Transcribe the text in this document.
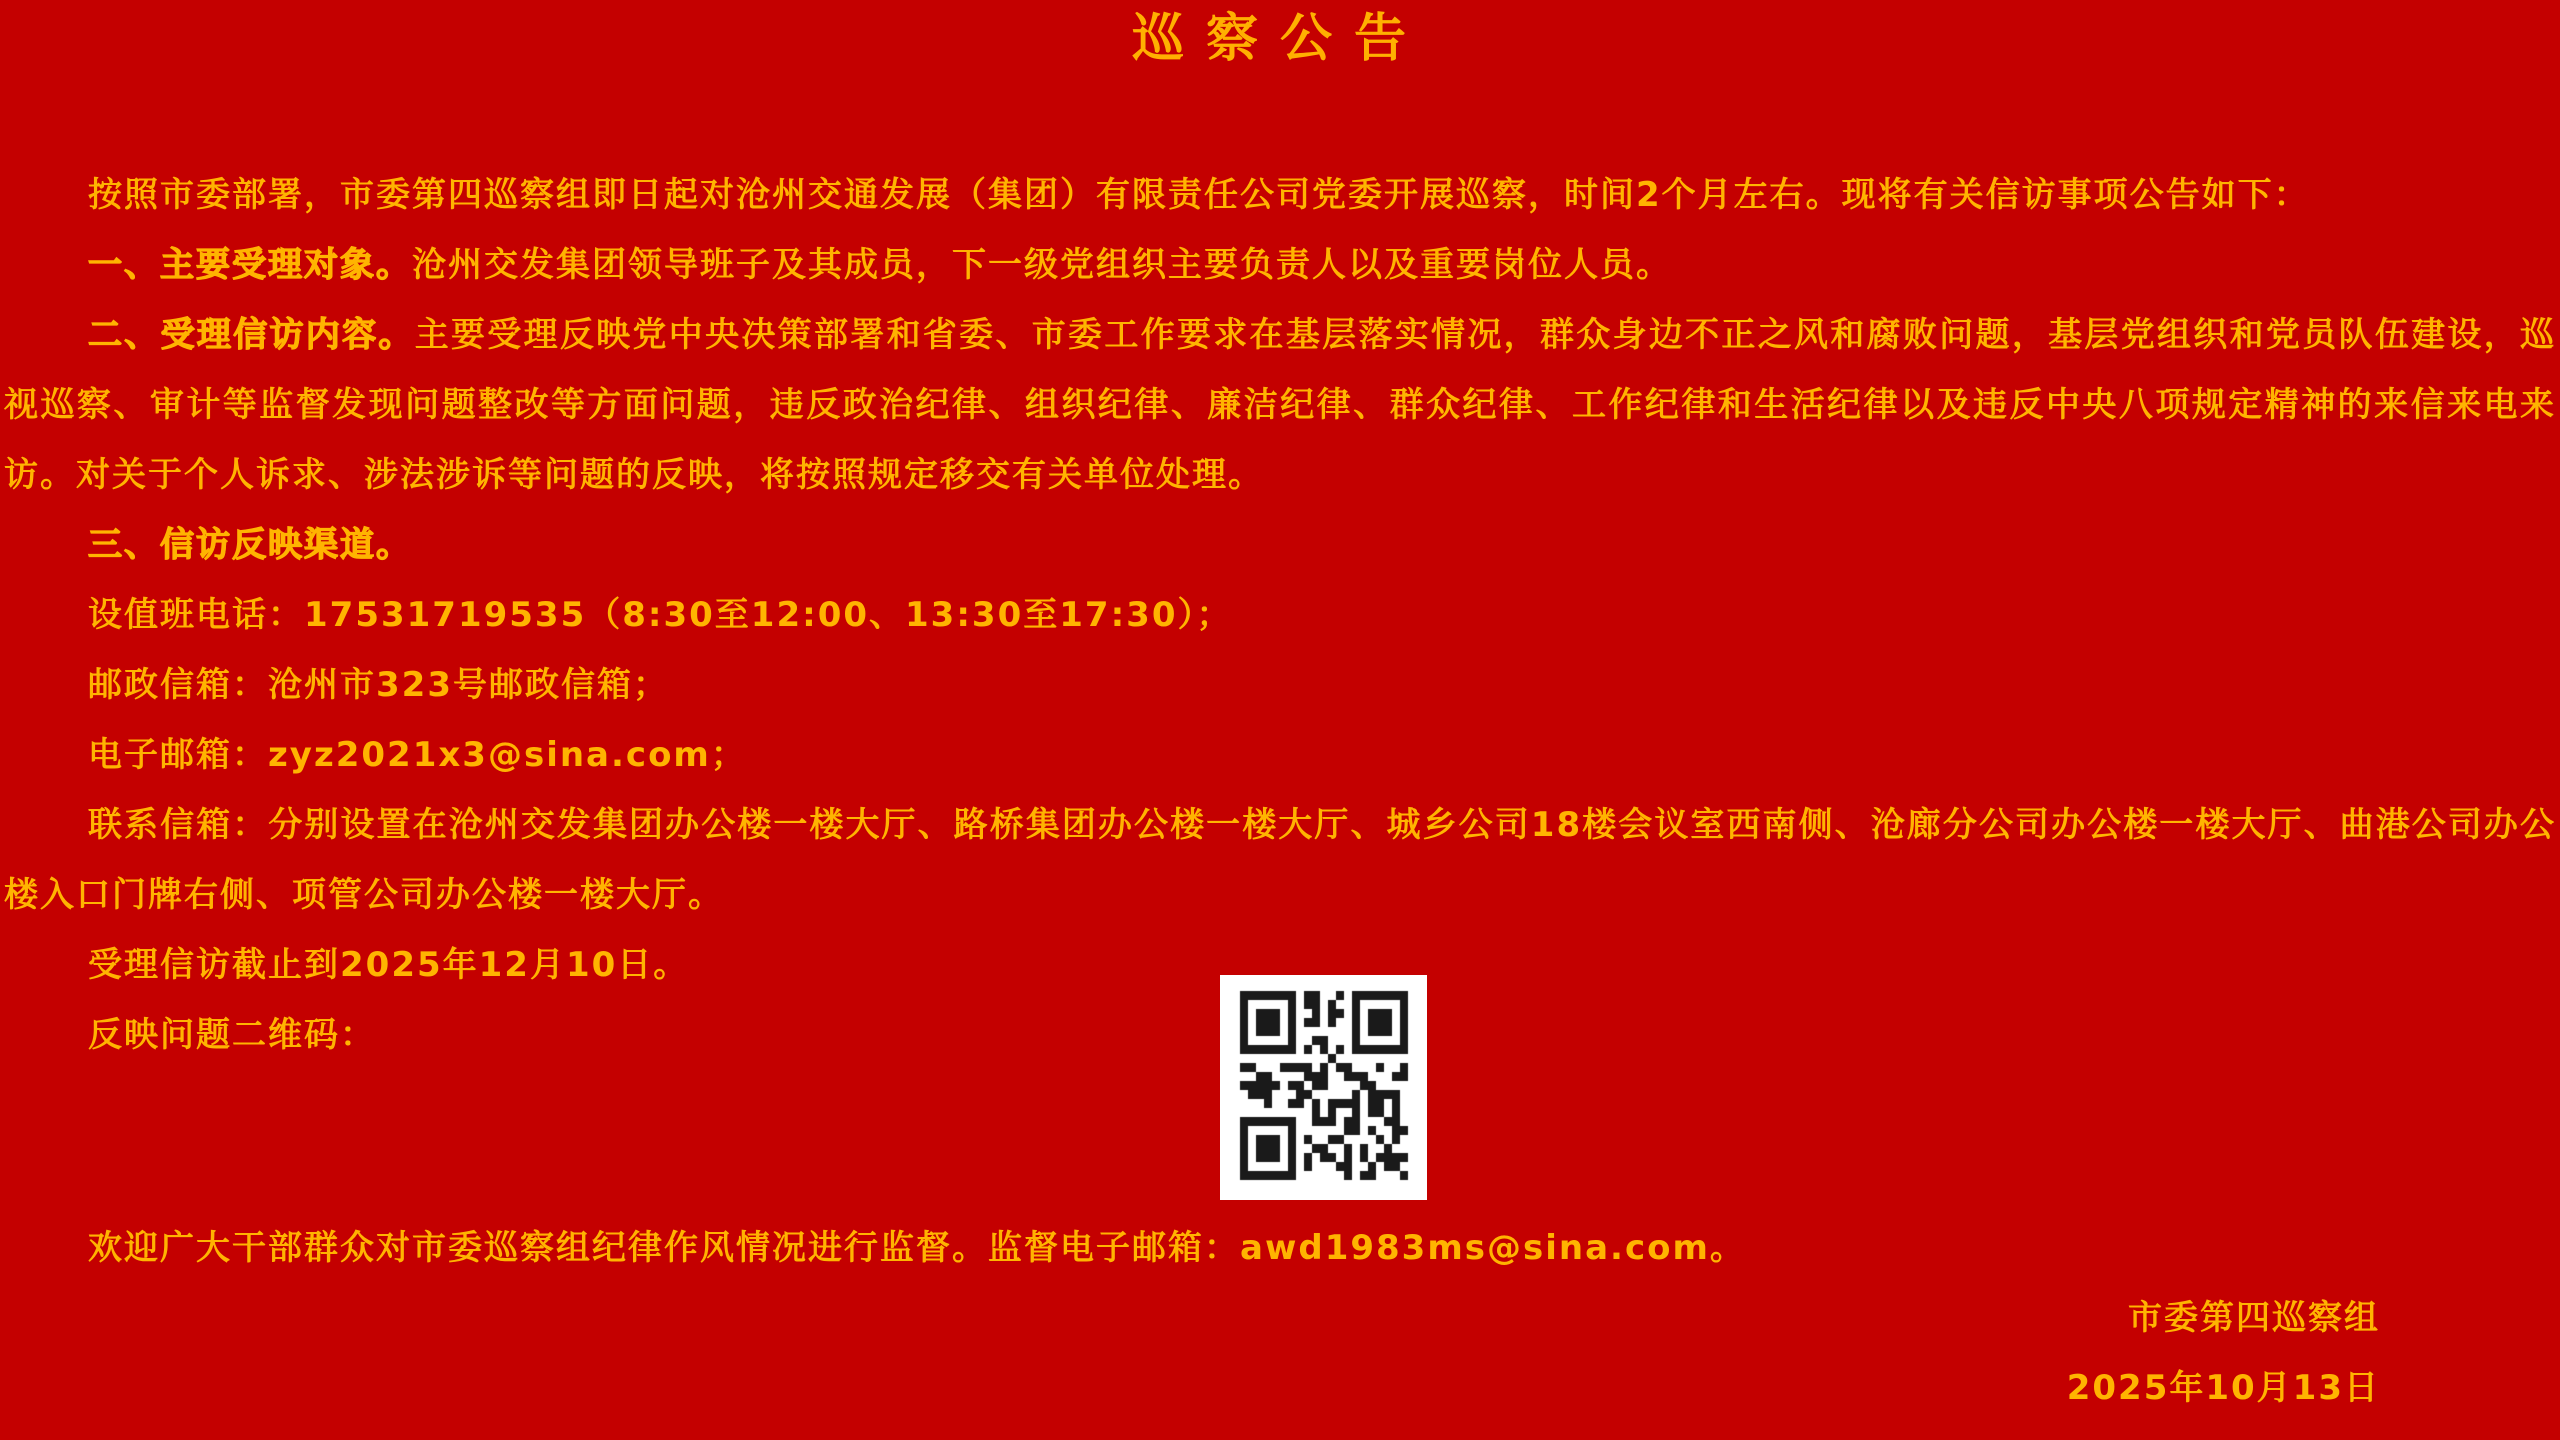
巡察公告

按照市委部署，市委第四巡察组即日起对沧州交通发展（集团）有限责任公司党委开展巡察，时间2个月左右。现将有关信访事项公告如下：

一、主要受理对象。沧州交发集团领导班子及其成员，下一级党组织主要负责人以及重要岗位人员。

二、受理信访内容。主要受理反映党中央决策部署和省委、市委工作要求在基层落实情况，群众身边不正之风和腐败问题，基层党组织和党员队伍建设，巡视巡察、审计等监督发现问题整改等方面问题，违反政治纪律、组织纪律、廉洁纪律、群众纪律、工作纪律和生活纪律以及违反中央八项规定精神的来信来电来访。对关于个人诉求、涉法涉诉等问题的反映，将按照规定移交有关单位处理。

三、信访反映渠道。

设值班电话：17531719535（8:30至12:00、13:30至17:30）；

邮政信箱：沧州市323号邮政信箱；

电子邮箱：zyz2021x3@sina.com；

联系信箱：分别设置在沧州交发集团办公楼一楼大厅、路桥集团办公楼一楼大厅、城乡公司18楼会议室西南侧、沧廊分公司办公楼一楼大厅、曲港公司办公楼入口门牌右侧、项管公司办公楼一楼大厅。

受理信访截止到2025年12月10日。

反映问题二维码：

欢迎广大干部群众对市委巡察组纪律作风情况进行监督。监督电子邮箱：awd1983ms@sina.com。

市委第四巡察组
2025年10月13日
